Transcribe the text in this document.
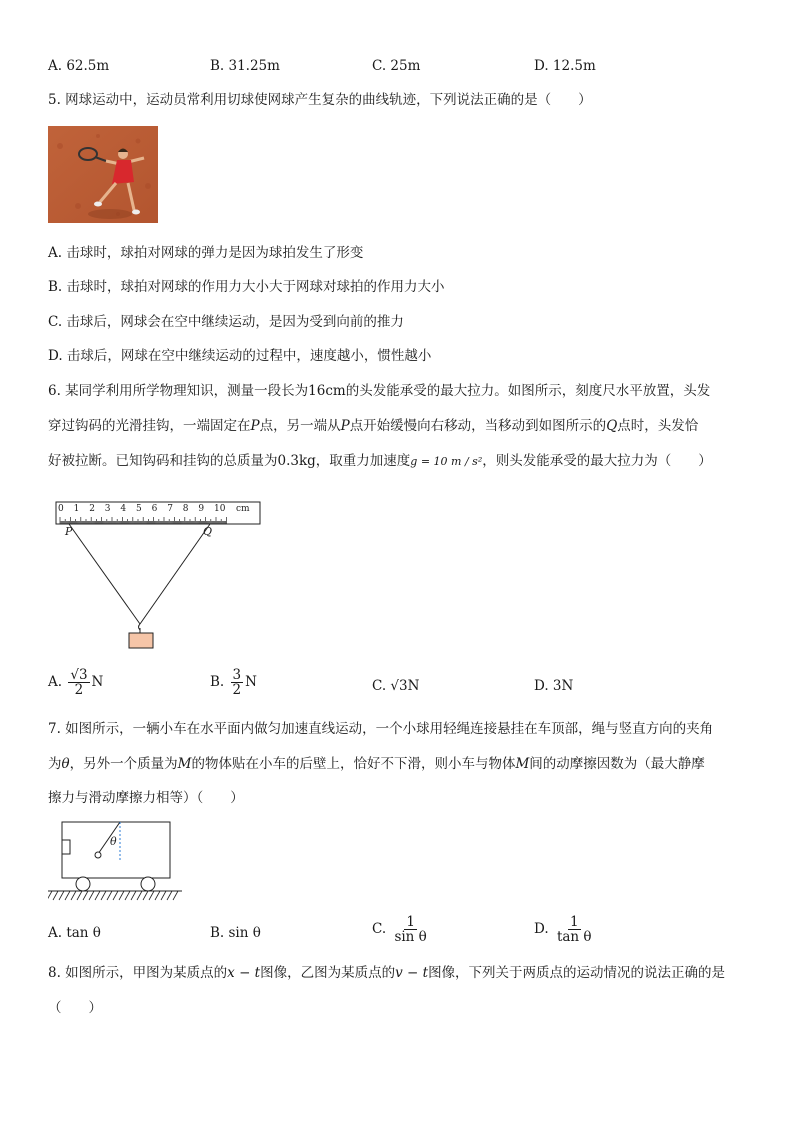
A. 62.5m	B. 31.25m	C. 25m	D. 12.5m
5. 网球运动中，运动员常利用切球使网球产生复杂的曲线轨迹，下列说法正确的是（　　）
A. 击球时，球拍对网球的弹力是因为球拍发生了形变
B. 击球时，球拍对网球的作用力大小大于网球对球拍的作用力大小
C. 击球后，网球会在空中继续运动，是因为受到向前的推力
D. 击球后，网球在空中继续运动的过程中，速度越小，惯性越小
6. 某同学利用所学物理知识，测量一段长为16cm的头发能承受的最大拉力。如图所示，刻度尺水平放置，头发
穿过钩码的光滑挂钩，一端固定在P点，另一端从P点开始缓慢向右移动，当移动到如图所示的Q点时，头发恰
好被拉断。已知钩码和挂钩的总质量为0.3kg，取重力加速度g = 10 m / s²，则头发能承受的最大拉力为（　　）
0 1 2 3 4 5 6 7 8 9 10 cm
P	Q
A. $\frac{√3}{2}$ N	B. $\frac{3}{2}$ N	C. √3N	D. 3N
7. 如图所示，一辆小车在水平面内做匀加速直线运动，一个小球用轻绳连接悬挂在车顶部，绳与竖直方向的夹角
为θ，另外一个质量为M的物体贴在小车的后壁上，恰好不下滑，则小车与物体M间的动摩擦因数为（最大静摩
擦力与滑动摩擦力相等）（　　）
θ
A. tan θ	B. sin θ	C. $\frac{1}{\text{sin θ}}$	D. $\frac{1}{\text{tan θ}}$
8. 如图所示，甲图为某质点的x − t图像，乙图为某质点的v − t图像，下列关于两质点的运动情况的说法正确的是
（　　）
